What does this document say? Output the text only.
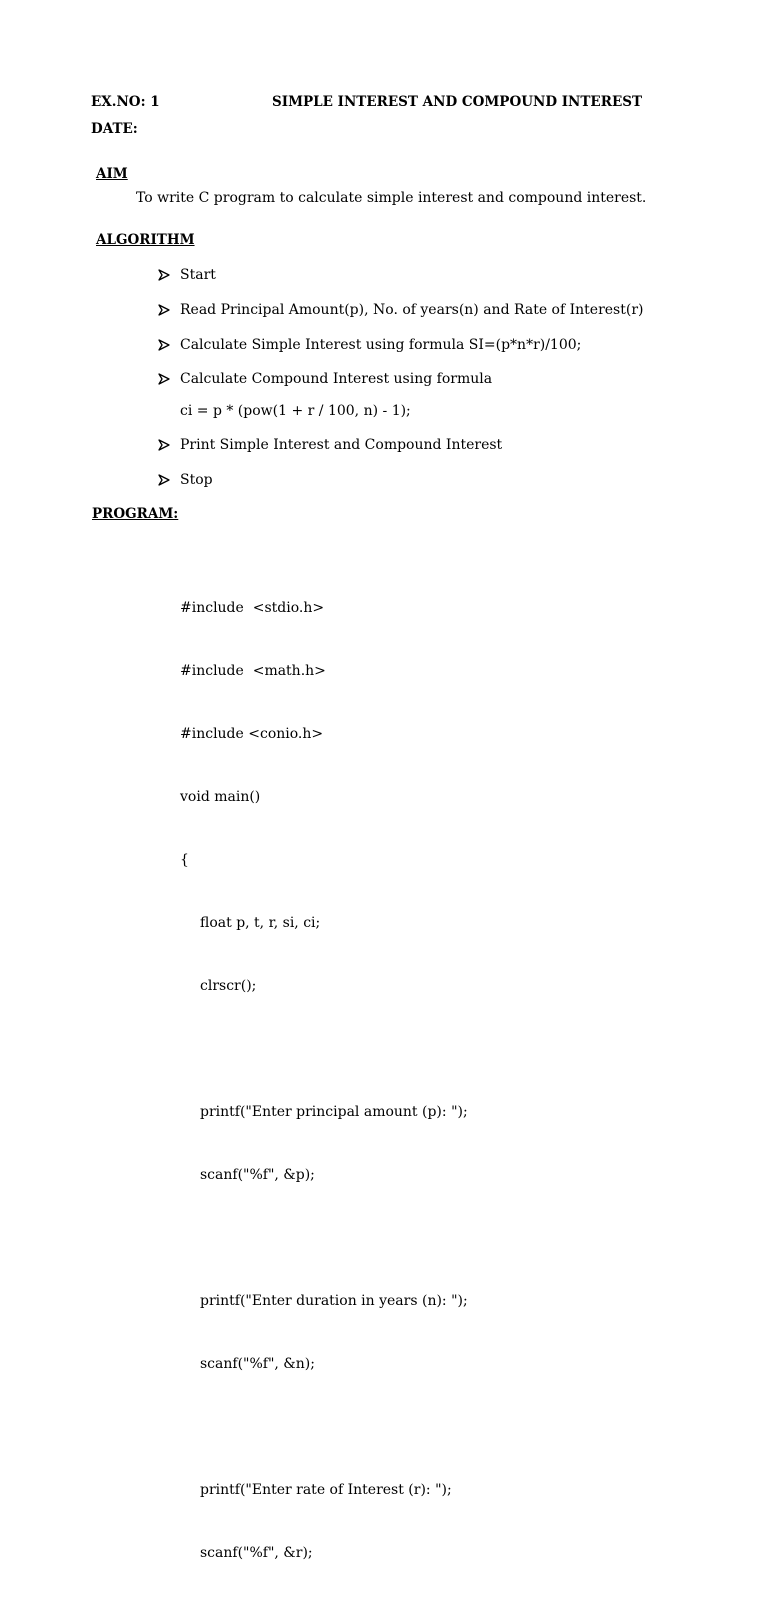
EX.NO: 1	SIMPLE INTEREST AND COMPOUND INTEREST
DATE:
AIM
To write C program to calculate simple interest and compound interest.
ALGORITHM
Start
Read Principal Amount(p), No. of years(n) and Rate of Interest(r)
Calculate Simple Interest using formula SI=(p*n*r)/100;
Calculate Compound Interest using formula
ci = p * (pow(1 + r / 100, n) - 1);
Print Simple Interest and Compound Interest
Stop
PROGRAM:

#include  <stdio.h>

#include  <math.h>

#include <conio.h>

void main()

{

float p, t, r, si, ci;

clrscr();

printf("Enter principal amount (p): ");

scanf("%f", &p);

printf("Enter duration in years (n): ");

scanf("%f", &n);

printf("Enter rate of Interest (r): ");

scanf("%f", &r);
